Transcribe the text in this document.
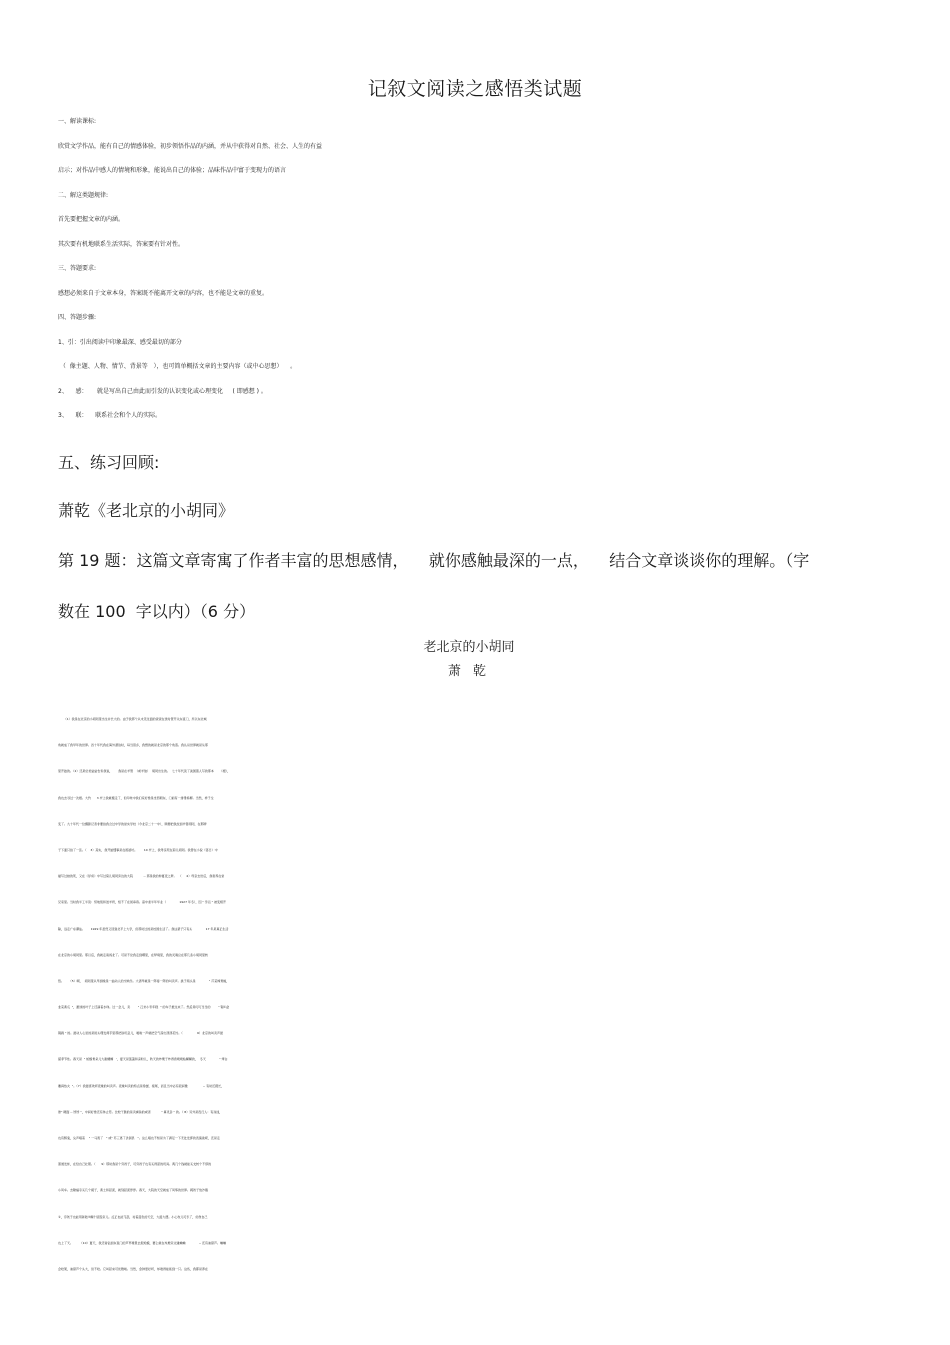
记叙文阅读之感悟类试题
一、解读课标:
欣赏文学作品，能有自己的情感体验，初步领悟作品的内涵，并从中获得对自然、社会、人生的有益
启示；对作品中感人的情境和形象，能说出自己的体验；品味作品中富于变现力的语言
二、解这类题规律:
首先要把握文章的内涵。
其次要有机地联系生活实际，答案要有针对性。
三、答题要求:
感想必须来自于文章本身，答案既不能离开文章的内容，也不能是文章的重复。
四、答题步骤:
1、引：引出阅读中印象最深、感受最切的部分
（  像主题、人物、情节、背景等   ），也可简单概括文章的主要内容（或中心思想）    。
2、    感：     就是写出自己由此而引发的认识变化或心理变化     ( 即感想 ) 。
3、    联：    联系社会和个人的实际。
五、练习回顾:
萧乾《老北京的小胡同》
第 19 题：这篇文章寄寓了作者丰富的思想感情，    就你感触最深的一点，    结合文章谈谈你的理解。（字
数在 100  字以内）（6 分）
老北京的小胡同
萧 乾
（1）我是在北京的小胡同里出生并长大的。由于我那个从未见过面的爸爸在世时管开关东直门，所以东北城
角就成了我早年的世界。四十年代我在海外漂泊时，每当思乡，我想的就是北京的那个角落。我认识世界就是从那
里开始的。（2）还是位老姑姑告诉我说，      我是在羊管  （或羊倌）  胡同出生的。  七十年代读了美国黑人写的那本      《根》，
我也去寻过一次根。大约      3 岁上我就搬走了，但印象中我们家好像是坐西朝东，门前有一排垂杨柳。当然，样子全
变了。九十年代一位摄影记者非要拍我念过中学的崇实学校（今北京二十一中），顺便把我拉到羊管胡同，在那牌
子下面只拍了一张。（    3）其实，我开始懂事是在褡裢坑。       10 岁上，我母亲死在菊儿胡同。我曾在小说《落日》中
描写过她的死，又在《俘虏》中写过菊儿胡同旁边的大院           -- 那是我的仲夏夜之梦。  （     4）母亲去世后，我寄养在堂
兄家里。当时我半工半读：织地毯和送羊奶，短不了在街串巷。高中差半年毕业（              1927 年冬），因 " 学运 " 被变相开
除，远走广东潮汕。      1929 年虽然又回到北平上大学，但那时过的是校园生活了。我这辈子只有头              17 年是真正生活
在北京的小胡同里。那以后，我就走南闯北了。可是不论我走到哪里，在梦境里，我的灵魂总在那几条小胡同里转
悠。     （5）啊，  胡同里从早到晚是一曲动人的交响乐。大清早就是一阵接一阵的叫卖声。挑子两头是              " 芹菜辣青椒，
韭菜黄瓜  "，碧绿的叶子上还滴着水珠。过一会儿，卖        " 江米小枣年糕  " 的车子推过来了。然后是叮叮当当的        " 锔①盆
锔碗 " 的。最动人心弦的是街头理发师手里那把铁玩意儿，嗞啦一声就把空气荡出漾漾花纹。（               6）北京的叫卖声最
富季节性。春天是  " 蛤蟆骨朵儿大甜螺蛳   '，夏天是莲蓬和凉粉儿，秋天的炒栗子炒得香喷喷粘糊糊的，  冬天              " 烤白
薯真热火  "。（7）我最喜欢听夜晚的叫卖声。夜晚叫卖的特点是徐缓、拖尾，而且当中必有段间歇                -- 有时还挺长，
像" 硬面 -- 饽饽 "，中间好像还有休止符。比较干脆的是卖熏鱼的或者           " 算灵卦 " 的。（ 8）另外是夜行人：有戏迷，
也有醉鬼，尖声唱着    " 一马离了   " 或" 苏三离了洪洞县   "。这么唱也不知是为了满足一下无处发挥的表演欲呢，还是走
黑道发怵，在给自己壮胆。（      9）那时我是个穷孩子，可穷孩子也有买得起的玩具。两几个钱就能买支转个不停的
小风车。去隆福寺买几个模子，黄土和起泥，就刻起泥饽饽。春天，大院的天空就成了风筝的世界。阔孩子放沙雁
②，穷孩子也能用秫秸③糊个屁股帘儿。反正也能飞起，衬着蓝色的天空，大摇大摆。小心坎儿可乐了，好像自己
也上了天。       （10）夏天，我还常钻到东直门的芦苇塘里去捉蛤蟆，要么就在坟堆旁边逮蛐蛐              -- 还有油葫芦。蛐蛐
会咬架，油葫芦个头大，但不咬。它叫起来可优雅啦。当然，金钟更好听，却难得能抓到一只。这些，我都是养在
